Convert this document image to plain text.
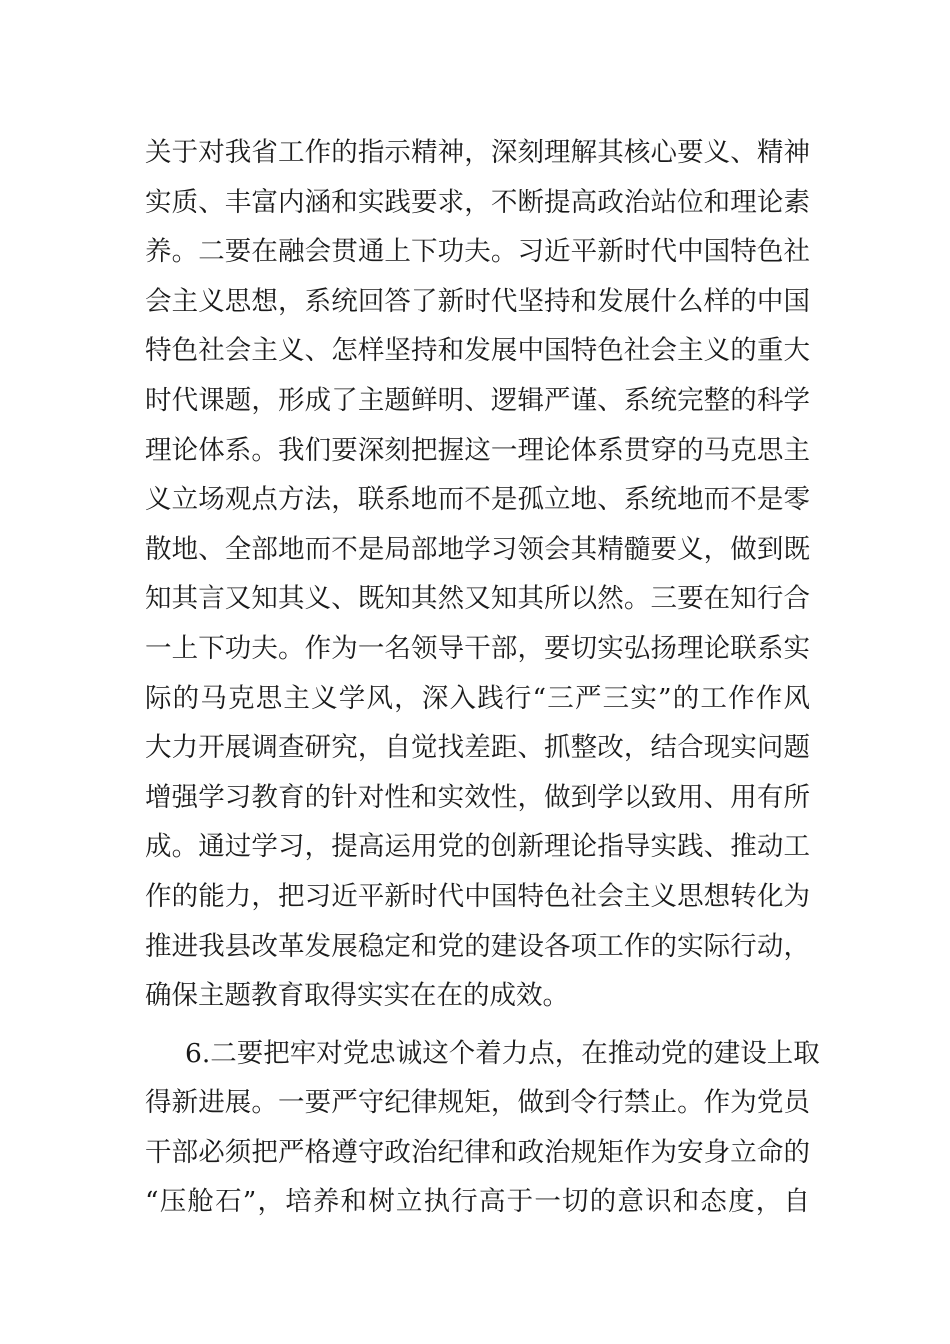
关于对我省工作的指示精神，深刻理解其核心要义、精神
实质、丰富内涵和实践要求，不断提高政治站位和理论素
养。二要在融会贯通上下功夫。习近平新时代中国特色社
会主义思想，系统回答了新时代坚持和发展什么样的中国
特色社会主义、怎样坚持和发展中国特色社会主义的重大
时代课题，形成了主题鲜明、逻辑严谨、系统完整的科学
理论体系。我们要深刻把握这一理论体系贯穿的马克思主
义立场观点方法，联系地而不是孤立地、系统地而不是零
散地、全部地而不是局部地学习领会其精髓要义，做到既
知其言又知其义、既知其然又知其所以然。三要在知行合
一上下功夫。作为一名领导干部，要切实弘扬理论联系实
际的马克思主义学风，深入践行“三严三实”的工作作风
大力开展调查研究，自觉找差距、抓整改，结合现实问题
增强学习教育的针对性和实效性，做到学以致用、用有所
成。通过学习，提高运用党的创新理论指导实践、推动工
作的能力，把习近平新时代中国特色社会主义思想转化为
推进我县改革发展稳定和党的建设各项工作的实际行动，
确保主题教育取得实实在在的成效。
6.二要把牢对党忠诚这个着力点，在推动党的建设上取
得新进展。一要严守纪律规矩，做到令行禁止。作为党员
干部必须把严格遵守政治纪律和政治规矩作为安身立命的
“压舱石”，培养和树立执行高于一切的意识和态度，自
